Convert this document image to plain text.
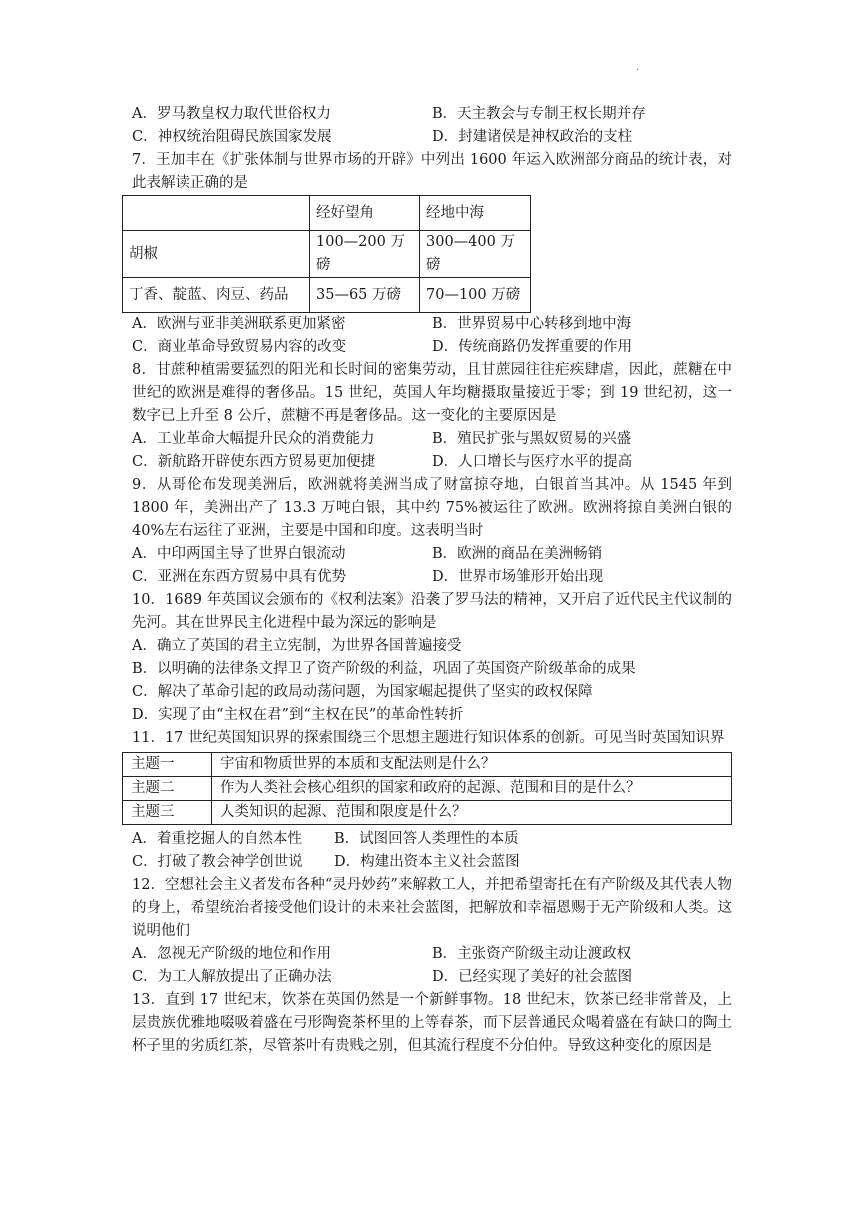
.
A．罗马教皇权力取代世俗权力	B．天主教会与专制王权长期并存
C．神权统治阻碍民族国家发展	D．封建诸侯是神权政治的支柱

7．王加丰在《扩张体制与世界市场的开辟》中列出 1600 年运入欧洲部分商品的统计表，对此表解读正确的是

	经好望角	经地中海
胡椒	100—200 万磅	300—400 万磅
丁香、靛蓝、肉豆、药品	35—65 万磅	70—100 万磅
A．欧洲与亚非美洲联系更加紧密	B．世界贸易中心转移到地中海
C．商业革命导致贸易内容的改变	D．传统商路仍发挥重要的作用

8．甘蔗种植需要猛烈的阳光和长时间的密集劳动，且甘蔗园往往疟疾肆虐，因此，蔗糖在中世纪的欧洲是难得的奢侈品。15 世纪，英国人年均糖摄取量接近于零；到 19 世纪初，这一数字已上升至 8 公斤，蔗糖不再是奢侈品。这一变化的主要原因是

A．工业革命大幅提升民众的消费能力	B．殖民扩张与黑奴贸易的兴盛
C．新航路开辟使东西方贸易更加便捷	D．人口增长与医疗水平的提高

9．从哥伦布发现美洲后，欧洲就将美洲当成了财富掠夺地，白银首当其冲。从 1545 年到 1800 年，美洲出产了 13.3 万吨白银，其中约 75%被运往了欧洲。欧洲将掠自美洲白银的 40%左右运往了亚洲，主要是中国和印度。这表明当时

A．中印两国主导了世界白银流动	B．欧洲的商品在美洲畅销
C．亚洲在东西方贸易中具有优势	D．世界市场雏形开始出现

10．1689 年英国议会颁布的《权利法案》沿袭了罗马法的精神，又开启了近代民主代议制的先河。其在世界民主化进程中最为深远的影响是

A．确立了英国的君主立宪制，为世界各国普遍接受
B．以明确的法律条文捍卫了资产阶级的利益，巩固了英国资产阶级革命的成果
C．解决了革命引起的政局动荡问题，为国家崛起提供了坚实的政权保障
D．实现了由“主权在君”到“主权在民”的革命性转折

11．17 世纪英国知识界的探索围绕三个思想主题进行知识体系的创新。可见当时英国知识界

主题一	宇宙和物质世界的本质和支配法则是什么？
主题二	作为人类社会核心组织的国家和政府的起源、范围和目的是什么？
主题三	人类知识的起源、范围和限度是什么？
A．着重挖掘人的自然本性	B．试图回答人类理性的本质
C．打破了教会神学创世说	D．构建出资本主义社会蓝图

12．空想社会主义者发布各种“灵丹妙药”来解救工人，并把希望寄托在有产阶级及其代表人物的身上，希望统治者接受他们设计的未来社会蓝图，把解放和幸福恩赐于无产阶级和人类。这说明他们

A．忽视无产阶级的地位和作用	B．主张资产阶级主动让渡政权
C．为工人解放提出了正确办法	D．已经实现了美好的社会蓝图

13．直到 17 世纪末，饮茶在英国仍然是一个新鲜事物。18 世纪末，饮茶已经非常普及，上层贵族优雅地啜吸着盛在弓形陶瓷茶杯里的上等春茶，而下层普通民众喝着盛在有缺口的陶土杯子里的劣质红茶，尽管茶叶有贵贱之别，但其流行程度不分伯仲。导致这种变化的原因是
